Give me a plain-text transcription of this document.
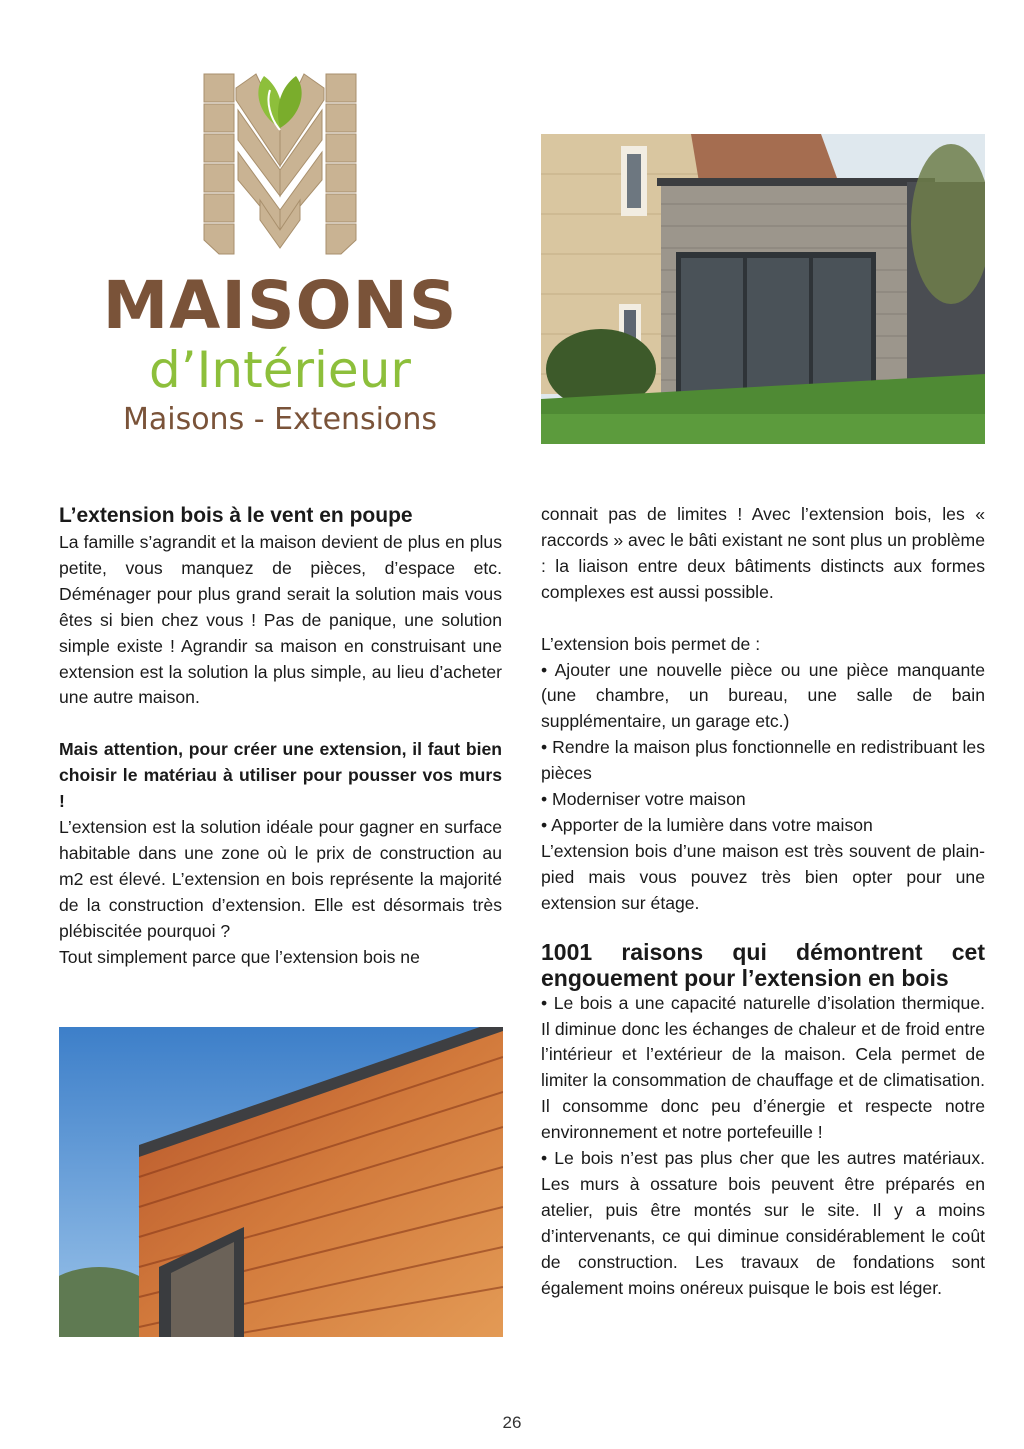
MAISONS
d’Intérieur
Maisons - Extensions
L’extension bois à le vent en poupe

La famille s’agrandit et la maison devient de plus en plus petite, vous manquez de pièces, d’espace etc. Déménager pour plus grand serait la solution mais vous êtes si bien chez vous ! Pas de panique, une solution simple existe ! Agrandir sa maison en construisant une extension est la solution la plus simple, au lieu d’acheter une autre maison.

Mais attention, pour créer une extension, il faut bien choisir le matériau à utiliser pour pousser vos murs !

L’extension est la solution idéale pour gagner en surface habitable dans une zone où le prix de construction au m2 est élevé. L’extension en bois représente la majorité de la construction d’extension. Elle est désormais très plébiscitée pourquoi ?

Tout simplement parce que l’extension bois ne

connait pas de limites ! Avec l’extension bois, les « raccords » avec le bâti existant ne sont plus un problème : la liaison entre deux bâtiments distincts aux formes complexes est aussi possible.

L’extension bois permet de :

• Ajouter une nouvelle pièce ou une pièce manquante (une chambre, un bureau, une salle de bain supplémentaire, un garage etc.)

• Rendre la maison plus fonctionnelle en redistribuant les pièces

• Moderniser votre maison

• Apporter de la lumière dans votre maison

L’extension bois d’une maison est très souvent de plain-pied mais vous pouvez très bien opter pour une extension sur étage.

1001 raisons qui démontrent cet engouement pour l’extension en bois

• Le bois a une capacité naturelle d’isolation thermique. Il diminue donc les échanges de chaleur et de froid entre l’intérieur et l’extérieur de la maison. Cela permet de limiter la consommation de chauffage et de climatisation. Il consomme donc peu d’énergie et respecte notre environnement et notre portefeuille !

• Le bois n’est pas plus cher que les autres matériaux. Les murs à ossature bois peuvent être préparés en atelier, puis être montés sur le site. Il y a moins d’intervenants, ce qui diminue considérablement le coût de construction. Les travaux de fondations sont également moins onéreux puisque le bois est léger.

26
